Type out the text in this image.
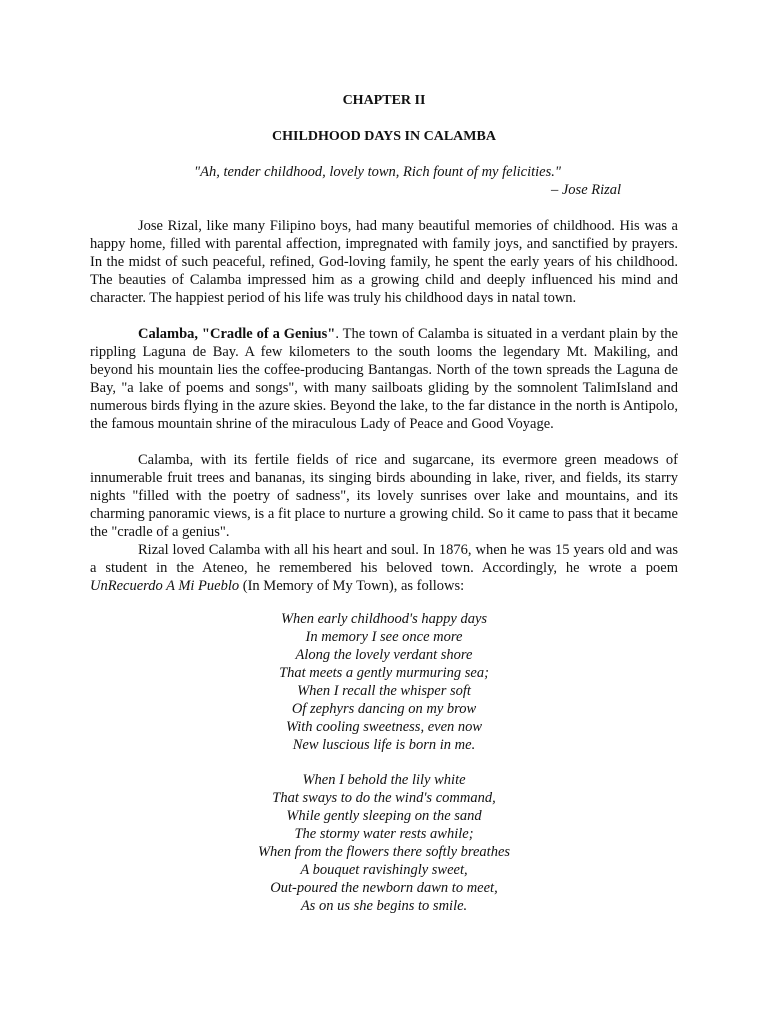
CHAPTER II
CHILDHOOD DAYS IN CALAMBA
"Ah, tender childhood, lovely town, Rich fount of my felicities."
– Jose Rizal

Jose Rizal, like many Filipino boys, had many beautiful memories of childhood. His was a happy home, filled with parental affection, impregnated with family joys, and sanctified by prayers. In the midst of such peaceful, refined, God-loving family, he spent the early years of his childhood. The beauties of Calamba impressed him as a growing child and deeply influenced his mind and character. The happiest period of his life was truly his childhood days in natal town.

Calamba, "Cradle of a Genius". The town of Calamba is situated in a verdant plain by the rippling Laguna de Bay. A few kilometers to the south looms the legendary Mt. Makiling, and beyond his mountain lies the coffee-producing Bantangas. North of the town spreads the Laguna de Bay, "a lake of poems and songs", with many sailboats gliding by the somnolent TalimIsland and numerous birds flying in the azure skies. Beyond the lake, to the far distance in the north is Antipolo, the famous mountain shrine of the miraculous Lady of Peace and Good Voyage.

Calamba, with its fertile fields of rice and sugarcane, its evermore green meadows of innumerable fruit trees and bananas, its singing birds abounding in lake, river, and fields, its starry nights "filled with the poetry of sadness", its lovely sunrises over lake and mountains, and its charming panoramic views, is a fit place to nurture a growing child. So it came to pass that it became the "cradle of a genius".

Rizal loved Calamba with all his heart and soul. In 1876, when he was 15 years old and was a student in the Ateneo, he remembered his beloved town. Accordingly, he wrote a poem UnRecuerdo A Mi Pueblo (In Memory of My Town), as follows:

When early childhood's happy days
In memory I see once more
Along the lovely verdant shore
That meets a gently murmuring sea;
When I recall the whisper soft
Of zephyrs dancing on my brow
With cooling sweetness, even now
New luscious life is born in me.
When I behold the lily white
That sways to do the wind's command,
While gently sleeping on the sand
The stormy water rests awhile;
When from the flowers there softly breathes
A bouquet ravishingly sweet,
Out-poured the newborn dawn to meet,
As on us she begins to smile.
